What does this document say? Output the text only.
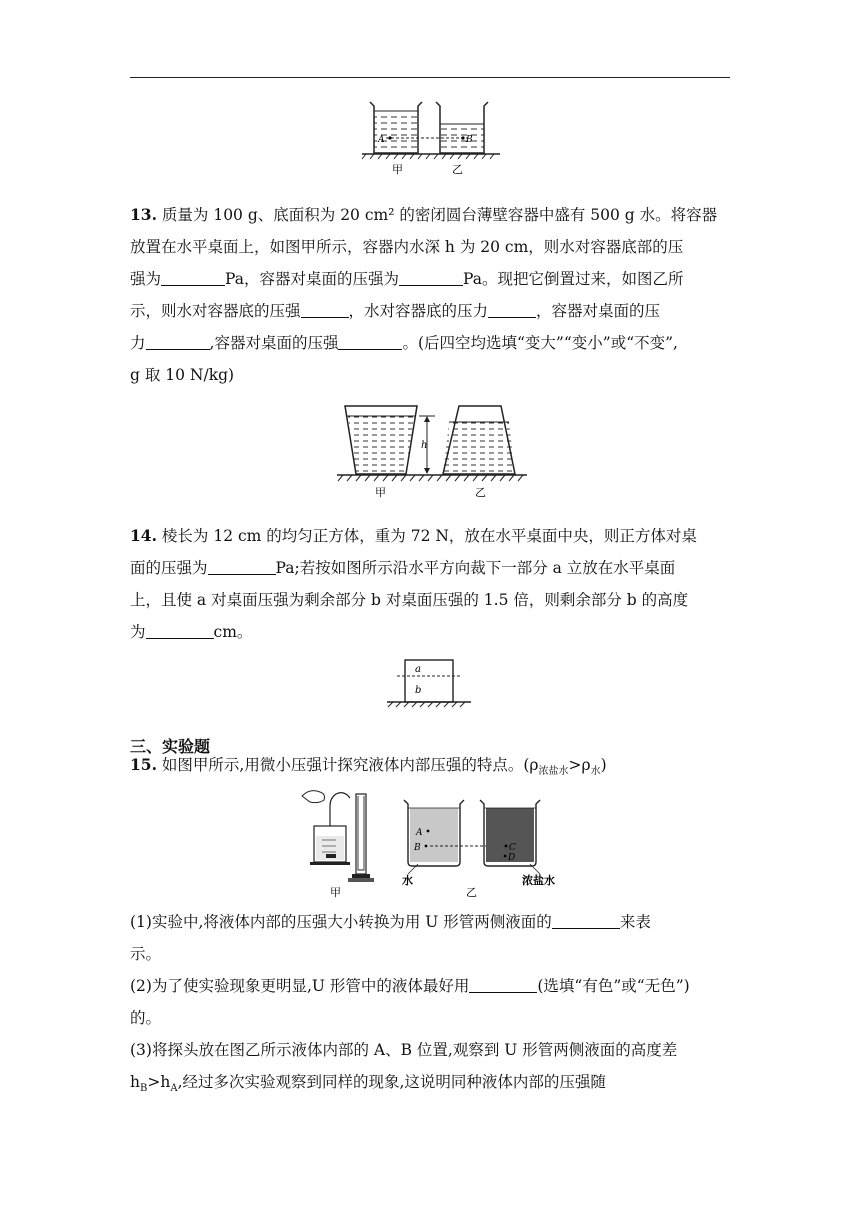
A	B
甲	乙
13. 质量为 100 g、底面积为 20 cm² 的密闭圆台薄壁容器中盛有 500 g 水。将容器
放置在水平桌面上，如图甲所示，容器内水深 h 为 20 cm，则水对容器底部的压
强为	Pa，容器对桌面的压强为	Pa。现把它倒置过来，如图乙所
示，则水对容器底的压强	，水对容器底的压力	，容器对桌面的压
力	,容器对桌面的压强	。(后四空均选填“变大”“变小”或“不变”,
g 取 10 N/kg)
h
甲	乙
14. 棱长为 12 cm 的均匀正方体，重为 72 N，放在水平桌面中央，则正方体对桌
面的压强为	Pa;若按如图所示沿水平方向裁下一部分 a 立放在水平桌面
上，且使 a 对桌面压强为剩余部分 b 对桌面压强的 1.5 倍，则剩余部分 b 的高度
为	cm。
a
b
三、实验题
15. 如图甲所示,用微小压强计探究液体内部压强的特点。$(\rho_{浓盐水}>\rho_水)$
甲
A
B
水
C
D
浓盐水
乙
(1)实验中,将液体内部的压强大小转换为用 U 形管两侧液面的	来表
示。
(2)为了使实验现象更明显,U 形管中的液体最好用	(选填“有色”或“无色”)
的。
(3)将探头放在图乙所示液体内部的 A、B 位置,观察到 U 形管两侧液面的高度差
$h_B>h_A$,经过多次实验观察到同样的现象,这说明同种液体内部的压强随
